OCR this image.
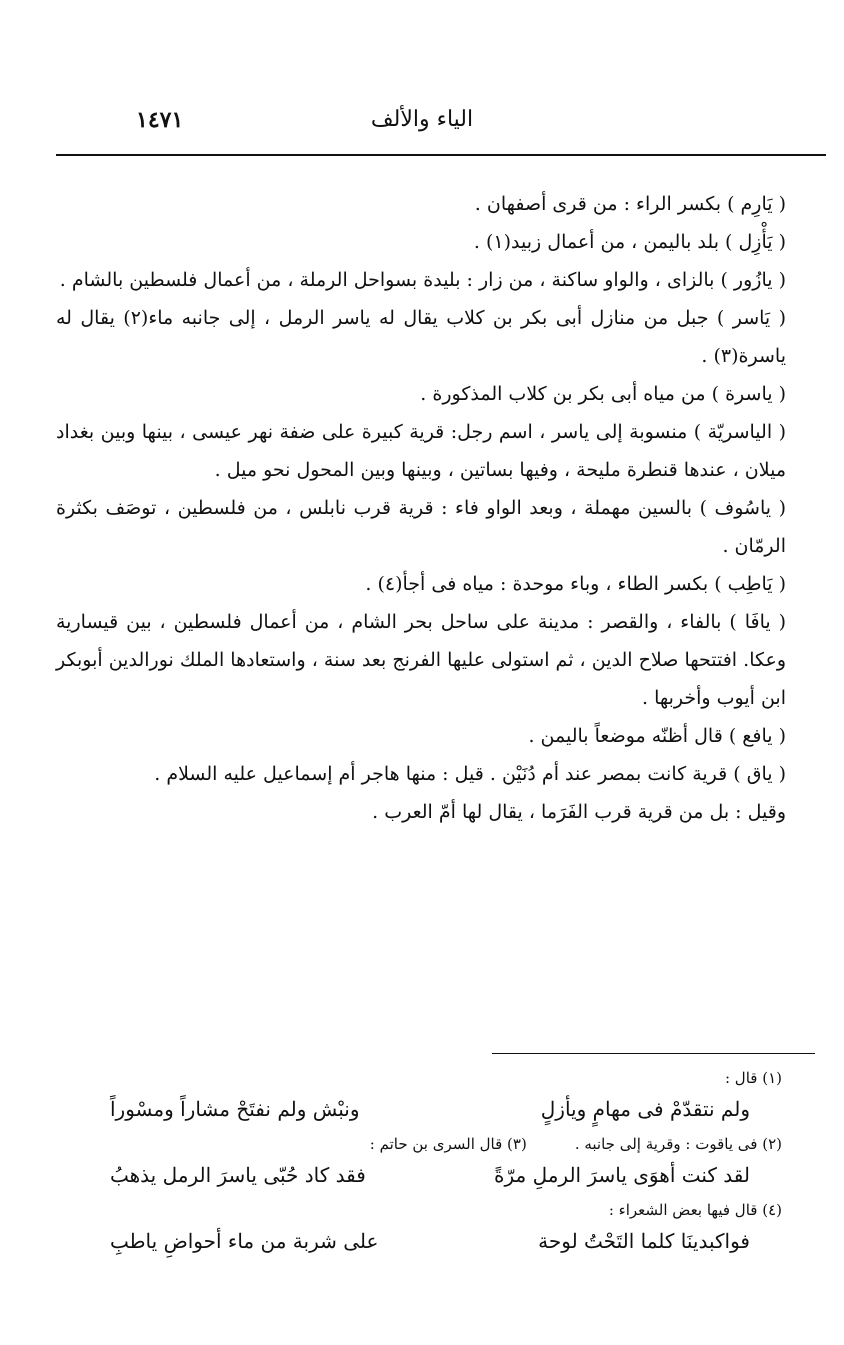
الياء والألف
١٤٧١

( يَارِم ) بكسر الراء : من قرى أصفهان .

( يَأْزِل ) بلد باليمن ، من أعمال زبيد(١) .

( يازُور ) بالزاى ، والواو ساكنة ، من زار : بليدة بسواحل الرملة ، من أعمال فلسطين بالشام .

( يَاسر ) جبل من منازل أبى بكر بن كلاب يقال له ياسر الرمل ، إلى جانبه ماء(٢) يقال له ياسرة(٣) .

( ياسرة ) من مياه أبى بكر بن كلاب المذكورة .

( الياسريّة ) منسوبة إلى ياسر ، اسم رجل: قرية كبيرة على ضفة نهر عيسى ، بينها وبين بغداد ميلان ، عندها قنطرة مليحة ، وفيها بساتين ، وبينها وبين المحول نحو ميل .

( ياسُوف ) بالسين مهملة ، وبعد الواو فاء : قرية قرب نابلس ، من فلسطين ، توصَف بكثرة الرمّان .

( يَاطِب ) بكسر الطاء ، وباء موحدة : مياه فى أجأ(٤) .

( يافَا ) بالفاء ، والقصر : مدينة على ساحل بحر الشام ، من أعمال فلسطين ، بين قيسارية وعكا. افتتحها صلاح الدين ، ثم استولى عليها الفرنج بعد سنة ، واستعادها الملك نورالدين أبوبكر ابن أيوب وأخربها .

( يافع ) قال أظنّه موضعاً باليمن .

( ياق ) قرية كانت بمصر عند أم دُنَيْن . قيل : منها هاجر أم إسماعيل عليه السلام .

وقيل : بل من قرية قرب الفَرَما ، يقال لها أمّ العرب .

(١) قال :

ولم نتقدّمْ فى مهامٍ ويأزلٍ
ونبْش ولم نفتَحْ مشاراً ومسْوراً
(٢) فى ياقوت : وقرية إلى جانبه .
(٣) قال السرى بن حاتم :
لقد كنت أهوَى ياسرَ الرملِ مرّةً
فقد كاد حُبّى ياسرَ الرمل يذهبُ

(٤) قال فيها بعض الشعراء :

فواكبدينَا كلما التَحْتُ لوحة
على شربة من ماء أحواضِ ياطبِ
